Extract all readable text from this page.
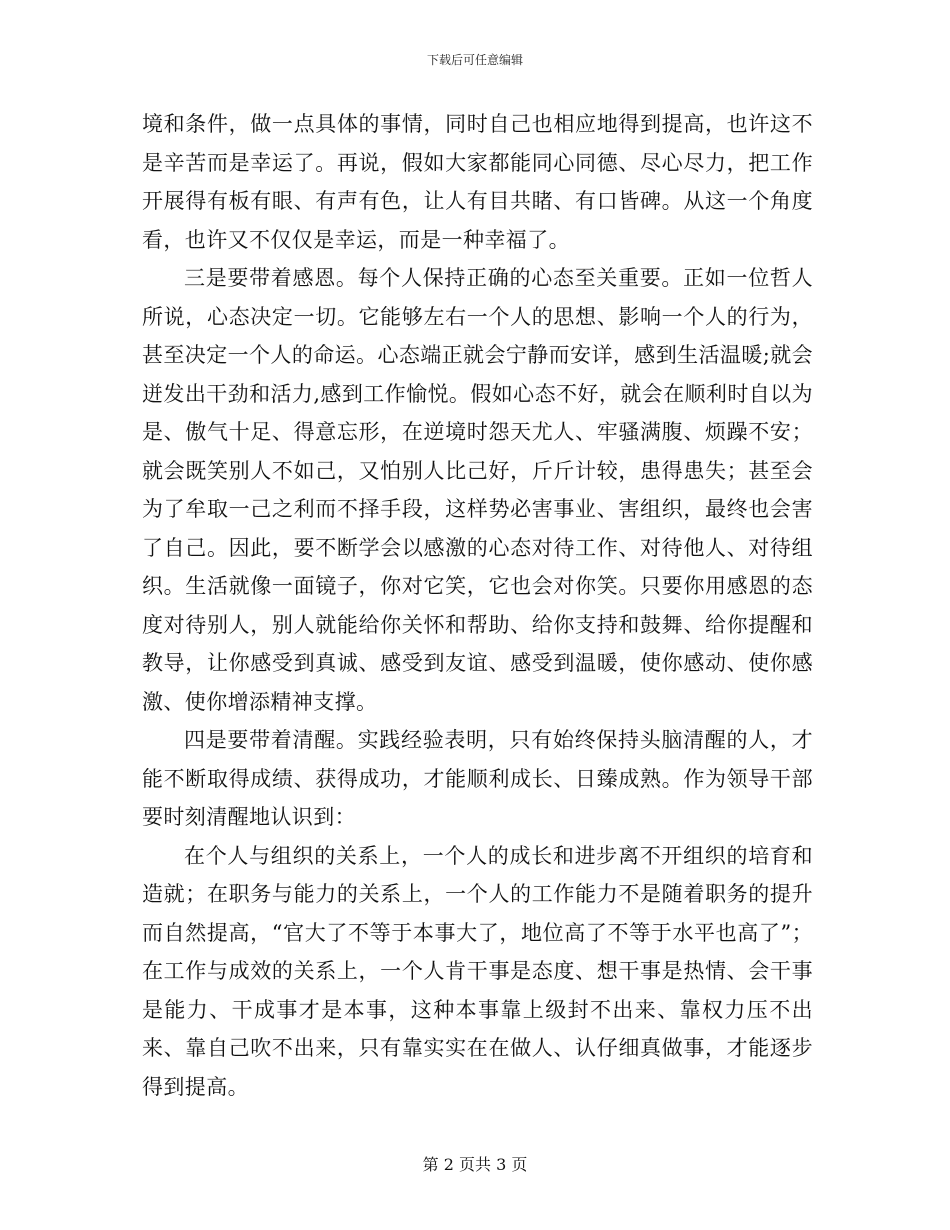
下载后可任意编辑

境和条件，做一点具体的事情，同时自己也相应地得到提高，也许这不是辛苦而是幸运了。再说，假如大家都能同心同德、尽心尽力，把工作开展得有板有眼、有声有色，让人有目共睹、有口皆碑。从这一个角度看，也许又不仅仅是幸运，而是一种幸福了。

三是要带着感恩。每个人保持正确的心态至关重要。正如一位哲人所说，心态决定一切。它能够左右一个人的思想、影响一个人的行为，甚至决定一个人的命运。心态端正就会宁静而安详，感到生活温暖;就会迸发出干劲和活力,感到工作愉悦。假如心态不好，就会在顺利时自以为是、傲气十足、得意忘形，在逆境时怨天尤人、牢骚满腹、烦躁不安；就会既笑别人不如己，又怕别人比己好，斤斤计较，患得患失；甚至会为了牟取一己之利而不择手段，这样势必害事业、害组织，最终也会害了自己。因此，要不断学会以感激的心态对待工作、对待他人、对待组织。生活就像一面镜子，你对它笑，它也会对你笑。只要你用感恩的态度对待别人，别人就能给你关怀和帮助、给你支持和鼓舞、给你提醒和教导，让你感受到真诚、感受到友谊、感受到温暖，使你感动、使你感激、使你增添精神支撑。

四是要带着清醒。实践经验表明，只有始终保持头脑清醒的人，才能不断取得成绩、获得成功，才能顺利成长、日臻成熟。作为领导干部要时刻清醒地认识到：

在个人与组织的关系上，一个人的成长和进步离不开组织的培育和造就；在职务与能力的关系上，一个人的工作能力不是随着职务的提升而自然提高，“官大了不等于本事大了，地位高了不等于水平也高了”；在工作与成效的关系上，一个人肯干事是态度、想干事是热情、会干事是能力、干成事才是本事，这种本事靠上级封不出来、靠权力压不出来、靠自己吹不出来，只有靠实实在在做人、认仔细真做事，才能逐步得到提高。

第 2 页共 3 页
